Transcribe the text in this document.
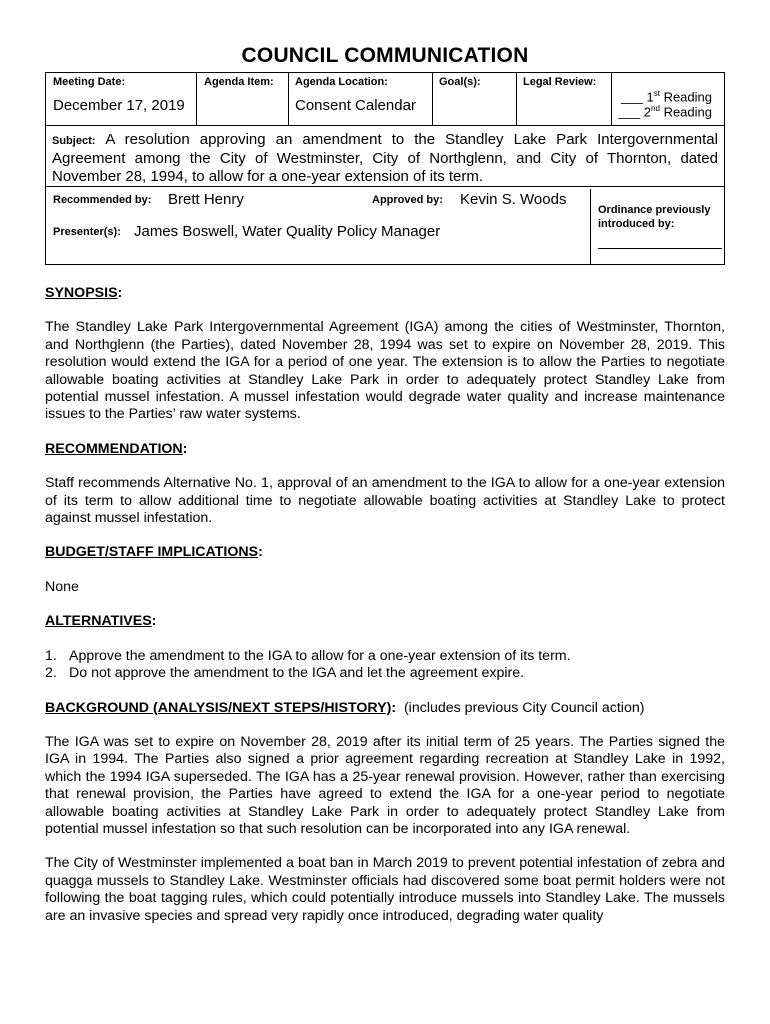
COUNCIL COMMUNICATION
Meeting Date:
December 17, 2019
Agenda Item: Agenda Location:
Consent Calendar
Goal(s):	Legal Review:
___ 1st Reading
___ 2nd Reading
Subject: A resolution approving an amendment to the Standley Lake Park Intergovernmental Agreement among the City of Westminster, City of Northglenn, and City of Thornton, dated November 28, 1994, to allow for a one-year extension of its term.
Recommended by: Brett Henry	Approved by: Kevin S. Woods
Presenter(s): James Boswell, Water Quality Policy Manager
Ordinance previously introduced by:

SYNOPSIS:

The Standley Lake Park Intergovernmental Agreement (IGA) among the cities of Westminster, Thornton, and Northglenn (the Parties), dated November 28, 1994 was set to expire on November 28, 2019. This resolution would extend the IGA for a period of one year. The extension is to allow the Parties to negotiate allowable boating activities at Standley Lake Park in order to adequately protect Standley Lake from potential mussel infestation. A mussel infestation would degrade water quality and increase maintenance issues to the Parties’ raw water systems.

RECOMMENDATION:

Staff recommends Alternative No. 1, approval of an amendment to the IGA to allow for a one-year extension of its term to allow additional time to negotiate allowable boating activities at Standley Lake to protect against mussel infestation.

BUDGET/STAFF IMPLICATIONS:

None

ALTERNATIVES:

1. Approve the amendment to the IGA to allow for a one-year extension of its term.
2. Do not approve the amendment to the IGA and let the agreement expire.

BACKGROUND (ANALYSIS/NEXT STEPS/HISTORY): (includes previous City Council action)

The IGA was set to expire on November 28, 2019 after its initial term of 25 years. The Parties signed the IGA in 1994. The Parties also signed a prior agreement regarding recreation at Standley Lake in 1992, which the 1994 IGA superseded. The IGA has a 25-year renewal provision. However, rather than exercising that renewal provision, the Parties have agreed to extend the IGA for a one-year period to negotiate allowable boating activities at Standley Lake Park in order to adequately protect Standley Lake from potential mussel infestation so that such resolution can be incorporated into any IGA renewal.

The City of Westminster implemented a boat ban in March 2019 to prevent potential infestation of zebra and quagga mussels to Standley Lake. Westminster officials had discovered some boat permit holders were not following the boat tagging rules, which could potentially introduce mussels into Standley Lake. The mussels are an invasive species and spread very rapidly once introduced, degrading water quality
